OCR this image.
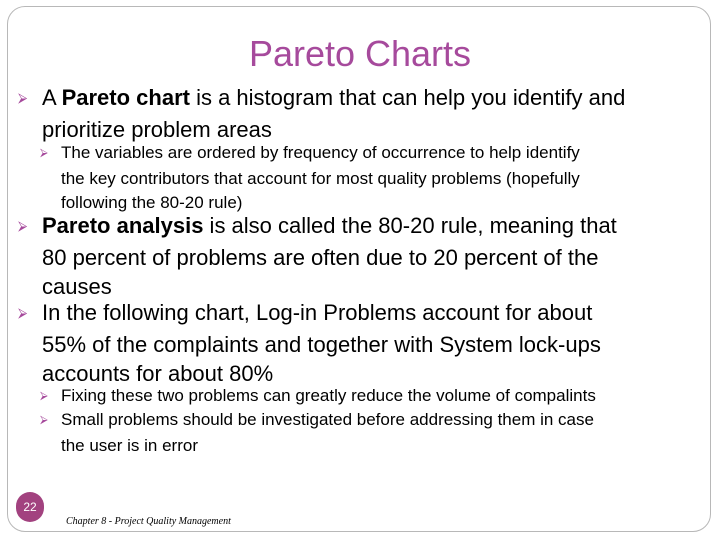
Pareto Charts
⮚ A Pareto chart is a histogram that can help you identify and
prioritize problem areas
⮚ The variables are ordered by frequency of occurrence to help identify
the key contributors that account for most quality problems (hopefully
following the 80-20 rule)
⮚ Pareto analysis is also called the 80-20 rule, meaning that
80 percent of problems are often due to 20 percent of the
causes
⮚ In the following chart, Log-in Problems account for about
55% of the complaints and together with System lock-ups
accounts for about 80%
⮚ Fixing these two problems can greatly reduce the volume of compalints
⮚ Small problems should be investigated before addressing them in case
the user is in error
22
Chapter 8 - Project Quality Management
